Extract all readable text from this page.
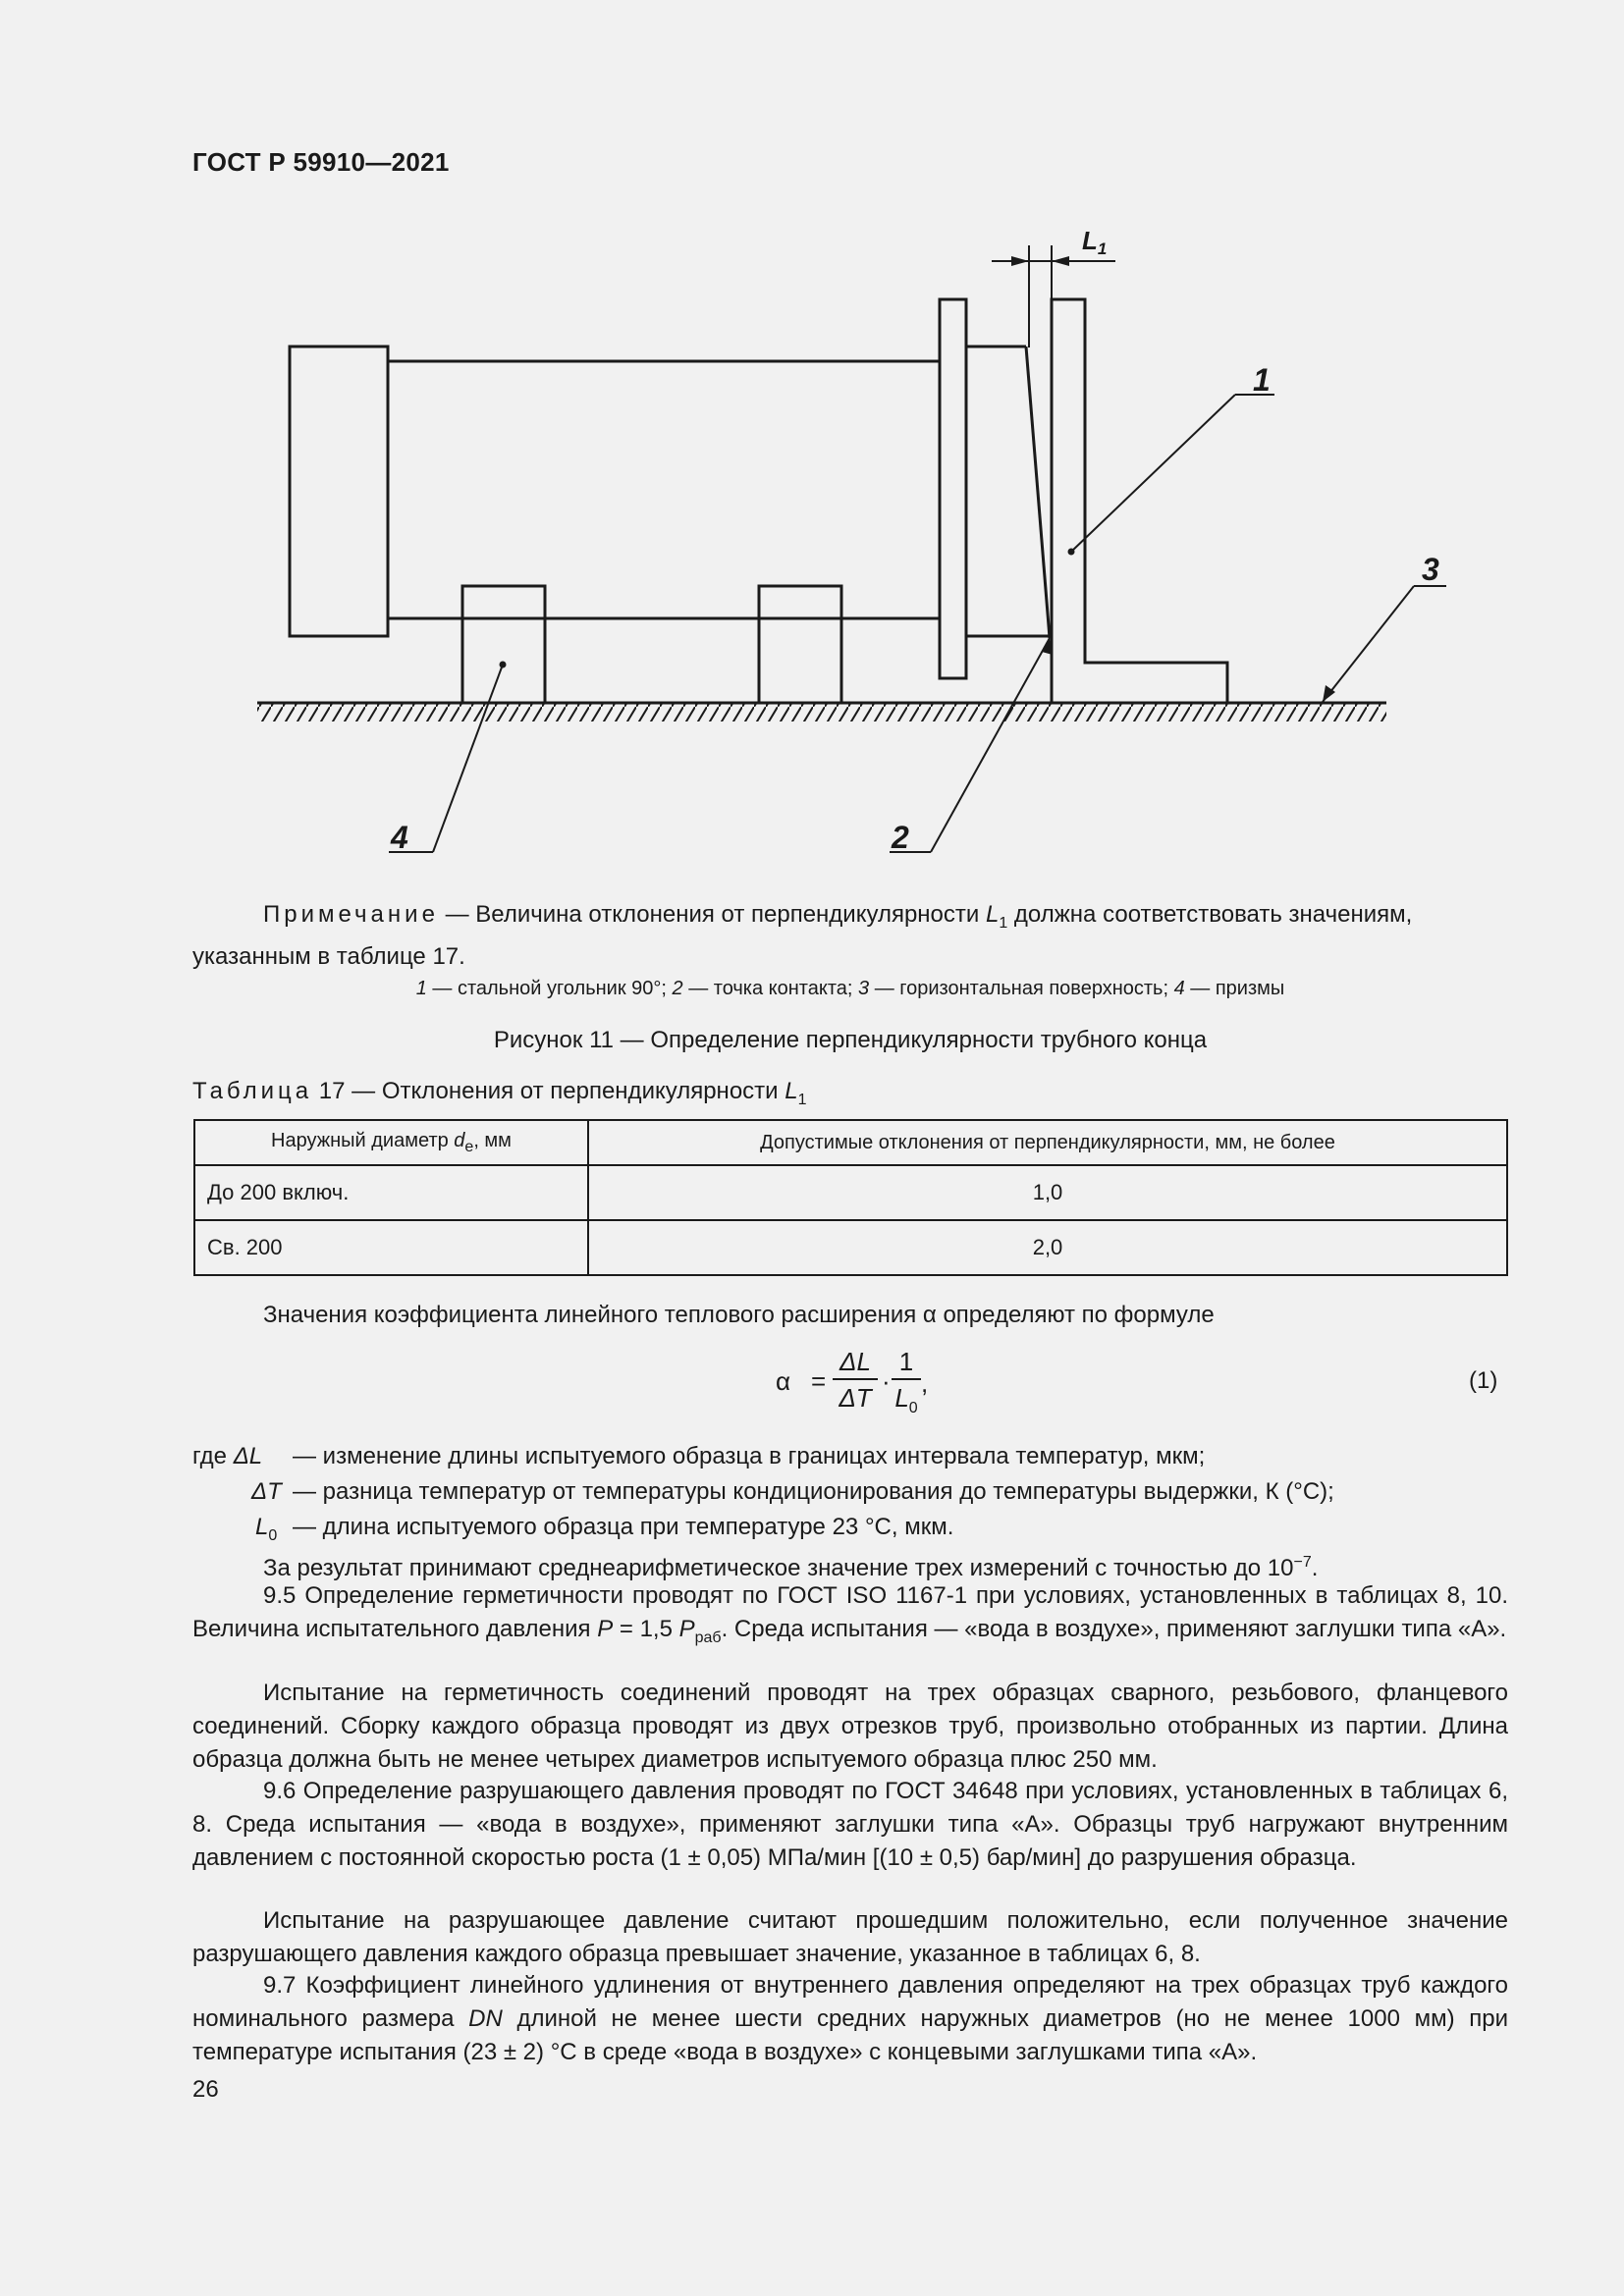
ГОСТ Р 59910—2021
1
3
2
4
L1
Примечание — Величина отклонения от перпендикулярности $L_1$ должна соответствовать значениям, указанным в таблице 17.
1 — стальной угольник 90°; 2 — точка контакта; 3 — горизонтальная поверхность; 4 — призмы
Рисунок 11 — Определение перпендикулярности трубного конца
Таблица 17 — Отклонения от перпендикулярности $L_1$
Наружный диаметр $d_e$, мм	Допустимые отклонения от перпендикулярности, мм, не более
До 200 включ.	1,0
Св. 200	2,0
Значения коэффициента линейного теплового расширения α определяют по формуле
$\alpha = \frac{\Delta L}{\Delta T} \cdot \frac{1}{L_0}$ ,	(1)
где ΔL	— изменение длины испытуемого образца в границах интервала температур, мкм;
ΔT — разница температур от температуры кондиционирования до температуры выдержки, К (°С);
$L_0$ — длина испытуемого образца при температуре 23 °С, мкм.
За результат принимают среднеарифметическое значение трех измерений с точностью до $10^{-7}$.
9.5 Определение герметичности проводят по ГОСТ ISO 1167-1 при условиях, установленных в таблицах 8, 10. Величина испытательного давления P = 1,5 $P_{раб}$. Среда испытания — «вода в воздухе», применяют заглушки типа «А».
Испытание на герметичность соединений проводят на трех образцах сварного, резьбового, фланцевого соединений. Сборку каждого образца проводят из двух отрезков труб, произвольно отобранных из партии. Длина образца должна быть не менее четырех диаметров испытуемого образца плюс 250 мм.
9.6 Определение разрушающего давления проводят по ГОСТ 34648 при условиях, установленных в таблицах 6, 8. Среда испытания — «вода в воздухе», применяют заглушки типа «А». Образцы труб нагружают внутренним давлением с постоянной скоростью роста (1 ± 0,05) МПа/мин [(10 ± 0,5) бар/мин] до разрушения образца.
Испытание на разрушающее давление считают прошедшим положительно, если полученное значение разрушающего давления каждого образца превышает значение, указанное в таблицах 6, 8.
9.7 Коэффициент линейного удлинения от внутреннего давления определяют на трех образцах труб каждого номинального размера DN длиной не менее шести средних наружных диаметров (но не менее 1000 мм) при температуре испытания (23 ± 2) °С в среде «вода в воздухе» с концевыми заглушками типа «А».
26
